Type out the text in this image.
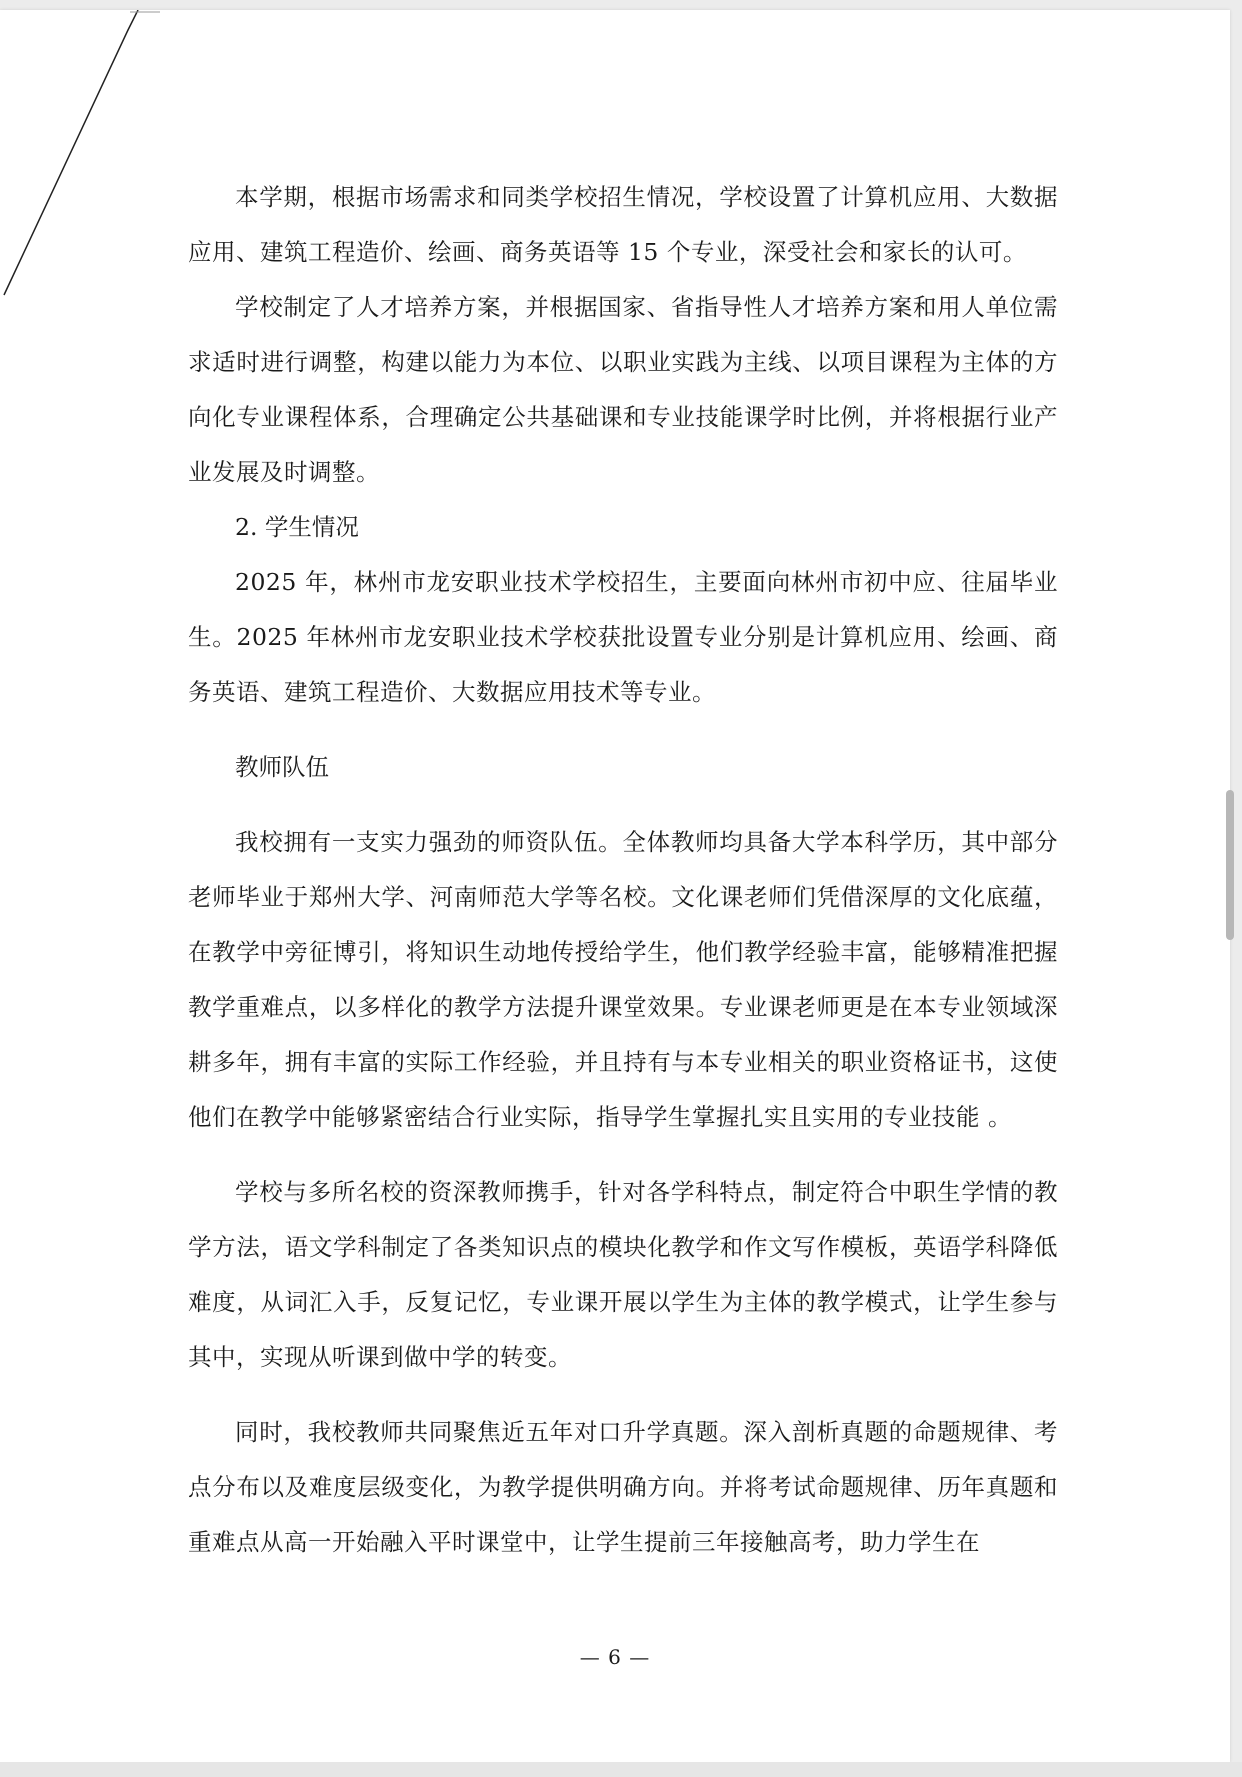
本学期，根据市场需求和同类学校招生情况，学校设置了计算机应用、大数据应用、建筑工程造价、绘画、商务英语等 15 个专业，深受社会和家长的认可。

学校制定了人才培养方案，并根据国家、省指导性人才培养方案和用人单位需求适时进行调整，构建以能力为本位、以职业实践为主线、以项目课程为主体的方向化专业课程体系，合理确定公共基础课和专业技能课学时比例，并将根据行业产业发展及时调整。

2. 学生情况

2025 年，林州市龙安职业技术学校招生，主要面向林州市初中应、往届毕业生。2025 年林州市龙安职业技术学校获批设置专业分别是计算机应用、绘画、商务英语、建筑工程造价、大数据应用技术等专业。

教师队伍

我校拥有一支实力强劲的师资队伍。全体教师均具备大学本科学历，其中部分老师毕业于郑州大学、河南师范大学等名校。文化课老师们凭借深厚的文化底蕴，在教学中旁征博引，将知识生动地传授给学生，他们教学经验丰富，能够精准把握教学重难点，以多样化的教学方法提升课堂效果。专业课老师更是在本专业领域深耕多年，拥有丰富的实际工作经验，并且持有与本专业相关的职业资格证书，这使他们在教学中能够紧密结合行业实际，指导学生掌握扎实且实用的专业技能 。

学校与多所名校的资深教师携手，针对各学科特点，制定符合中职生学情的教学方法，语文学科制定了各类知识点的模块化教学和作文写作模板，英语学科降低难度，从词汇入手，反复记忆，专业课开展以学生为主体的教学模式，让学生参与其中，实现从听课到做中学的转变。

同时，我校教师共同聚焦近五年对口升学真题。深入剖析真题的命题规律、考点分布以及难度层级变化，为教学提供明确方向。并将考试命题规律、历年真题和重难点从高一开始融入平时课堂中，让学生提前三年接触高考，助力学生在

— 6 —
